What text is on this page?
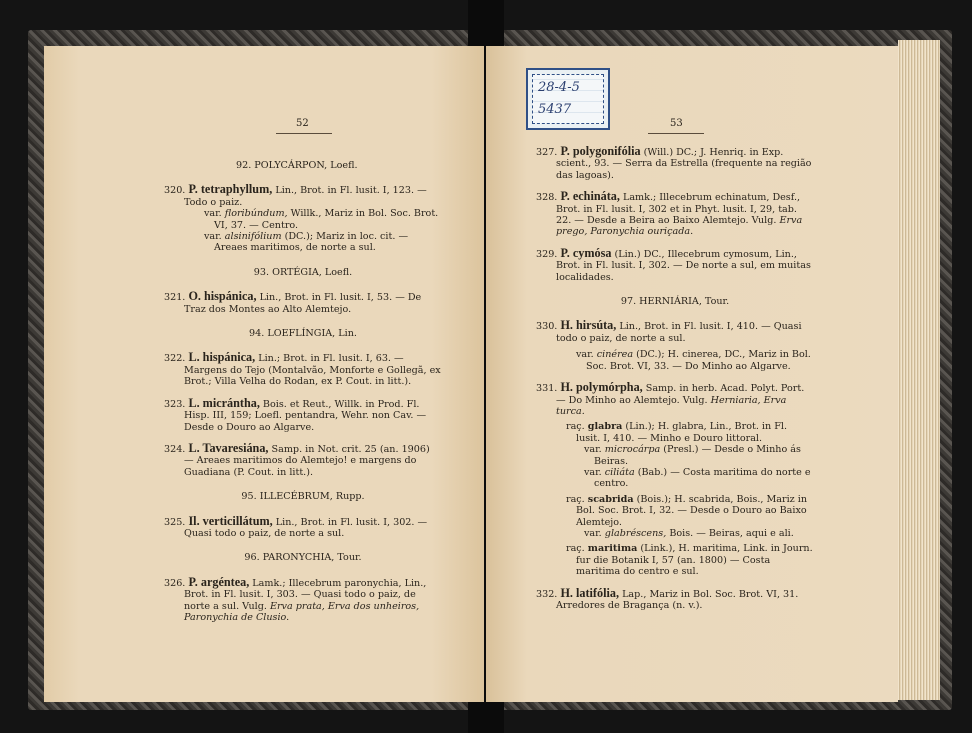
52

92. POLYCÁRPON, Loefl.

320. P. tetraphyllum, Lin., Brot. in Fl. lusit. I, 123. — Todo o paiz.

var. floribúndum, Willk., Mariz in Bol. Soc. Brot. VI, 37. — Centro.

var. alsinifólium (DC.); Mariz in loc. cit. — Areaes maritimos, de norte a sul.

93. ORTÉGIA, Loefl.

321. O. hispánica, Lin., Brot. in Fl. lusit. I, 53. — De Traz dos Montes ao Alto Alemtejo.

94. LOEFLÍNGIA, Lin.

322. L. hispánica, Lin.; Brot. in Fl. lusit. I, 63. — Margens do Tejo (Montalvão, Monforte e Gollegã, ex Brot.; Villa Velha do Rodan, ex P. Cout. in litt.).
323. L. micrántha, Bois. et Reut., Willk. in Prod. Fl. Hisp. III, 159; Loefl. pentandra, Wehr. non Cav. — Desde o Douro ao Algarve.
324. L. Tavaresiána, Samp. in Not. crit. 25 (an. 1906) — Areaes maritimos do Alemtejo! e margens do Guadiana (P. Cout. in litt.).

95. ILLECÉBRUM, Rupp.

325. Il. verticillátum, Lin., Brot. in Fl. lusit. I, 302. — Quasi todo o paiz, de norte a sul.

96. PARONYCHIA, Tour.

326. P. argéntea, Lamk.; Illecebrum paronychia, Lin., Brot. in Fl. lusit. I, 303. — Quasi todo o paiz, de norte a sul. Vulg. Erva prata, Erva dos unheiros, Paronychia de Clusio.
53
327. P. polygonifólia (Will.) DC.; J. Henriq. in Exp. scient., 93. — Serra da Estrella (frequente na região das lagoas).
328. P. echináta, Lamk.; Illecebrum echinatum, Desf., Brot. in Fl. lusit. I, 302 et in Phyt. lusit. I, 29, tab. 22. — Desde a Beira ao Baixo Alemtejo. Vulg. Erva prego, Paronychia ouriçada.
329. P. cymósa (Lin.) DC., Illecebrum cymosum, Lin., Brot. in Fl. lusit. I, 302. — De norte a sul, em muitas localidades.

97. HERNIÁRIA, Tour.

330. H. hirsúta, Lin., Brot. in Fl. lusit. I, 410. — Quasi todo o paiz, de norte a sul.

var. cinérea (DC.); H. cinerea, DC., Mariz in Bol. Soc. Brot. VI, 33. — Do Minho ao Algarve.

331. H. polymórpha, Samp. in herb. Acad. Polyt. Port. — Do Minho ao Alemtejo. Vulg. Herniaria, Erva turca.

raç. glabra (Lin.); H. glabra, Lin., Brot. in Fl. lusit. I, 410. — Minho e Douro littoral.

var. microcárpa (Presl.) — Desde o Minho ás Beiras.

var. ciliáta (Bab.) — Costa maritima do norte e centro.

raç. scabrida (Bois.); H. scabrida, Bois., Mariz in Bol. Soc. Brot. I, 32. — Desde o Douro ao Baixo Alemtejo.

var. glabréscens, Bois. — Beiras, aqui e ali.

raç. maritima (Link.), H. maritima, Link. in Journ. fur die Botanik I, 57 (an. 1800) — Costa maritima do centro e sul.

332. H. latifólia, Lap., Mariz in Bol. Soc. Brot. VI, 31. Arredores de Bragança (n. v.).
28-4-5
5437
